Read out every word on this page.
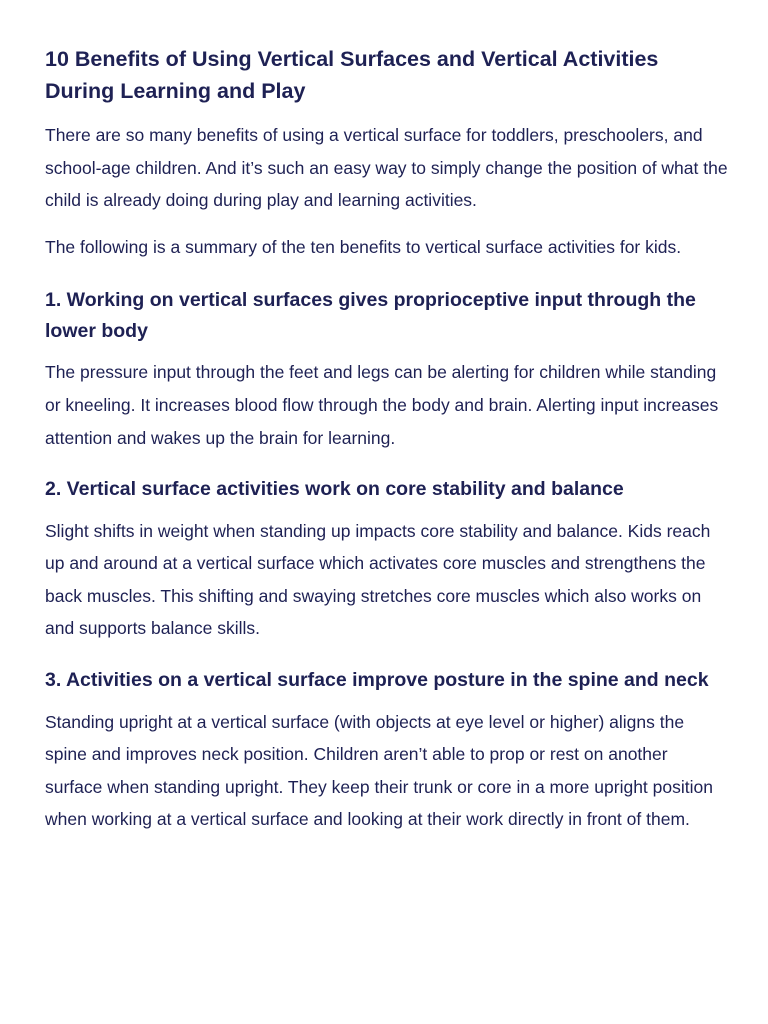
10 Benefits of Using Vertical Surfaces and Vertical Activities During Learning and Play

There are so many benefits of using a vertical surface for toddlers, preschoolers, and school-age children. And it’s such an easy way to simply change the position of what the child is already doing during play and learning activities.

The following is a summary of the ten benefits to vertical surface activities for kids.

1. Working on vertical surfaces gives proprioceptive input through the lower body

The pressure input through the feet and legs can be alerting for children while standing or kneeling. It increases blood flow through the body and brain. Alerting input increases attention and wakes up the brain for learning.

2. Vertical surface activities work on core stability and balance

Slight shifts in weight when standing up impacts core stability and balance. Kids reach up and around at a vertical surface which activates core muscles and strengthens the back muscles. This shifting and swaying stretches core muscles which also works on and supports balance skills.

3. Activities on a vertical surface improve posture in the spine and neck

Standing upright at a vertical surface (with objects at eye level or higher) aligns the spine and improves neck position. Children aren’t able to prop or rest on another surface when standing upright. They keep their trunk or core in a more upright position when working at a vertical surface and looking at their work directly in front of them.
